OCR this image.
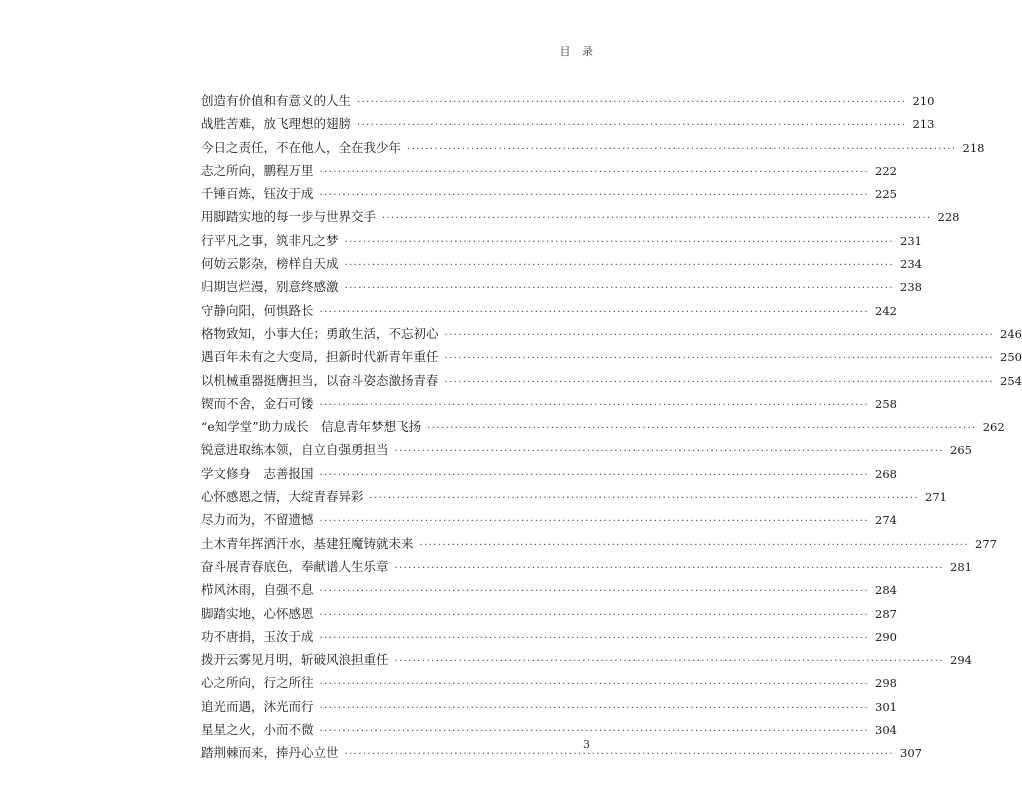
目 录
创造有价值和有意义的人生 ························································································································ 210
战胜苦难，放飞理想的翅膀 ························································································································ 213
今日之责任，不在他人，全在我少年 ························································································································ 218
志之所向，鹏程万里 ························································································································ 222
千锤百炼，钰汝于成 ························································································································ 225
用脚踏实地的每一步与世界交手 ························································································································ 228
行平凡之事，筑非凡之梦 ························································································································ 231
何妨云影杂，榜样自天成 ························································································································ 234
归期岂烂漫，别意终感激 ························································································································ 238
守静向阳，何惧路长 ························································································································ 242
格物致知，小事大任；勇敢生活，不忘初心 ························································································································ 246
遇百年未有之大变局，担新时代新青年重任 ························································································································ 250
以机械重器挺膺担当，以奋斗姿态激扬青春 ························································································································ 254
锲而不舍，金石可镂 ························································································································ 258
“e知学堂”助力成长　信息青年梦想飞扬 ························································································································ 262
锐意进取练本领，自立自强勇担当 ························································································································ 265
学文修身　志善报国 ························································································································ 268
心怀感恩之情，大绽青春异彩 ························································································································ 271
尽力而为，不留遗憾 ························································································································ 274
土木青年挥洒汗水，基建狂魔铸就未来 ························································································································ 277
奋斗展青春底色，奉献谱人生乐章 ························································································································ 281
栉风沐雨，自强不息 ························································································································ 284
脚踏实地，心怀感恩 ························································································································ 287
功不唐捐，玉汝于成 ························································································································ 290
拨开云雾见月明，斩破风浪担重任 ························································································································ 294
心之所向，行之所往 ························································································································ 298
追光而遇，沐光而行 ························································································································ 301
星星之火，小而不微 ························································································································ 304
踏荆棘而来，捧丹心立世 ························································································································ 307
3
